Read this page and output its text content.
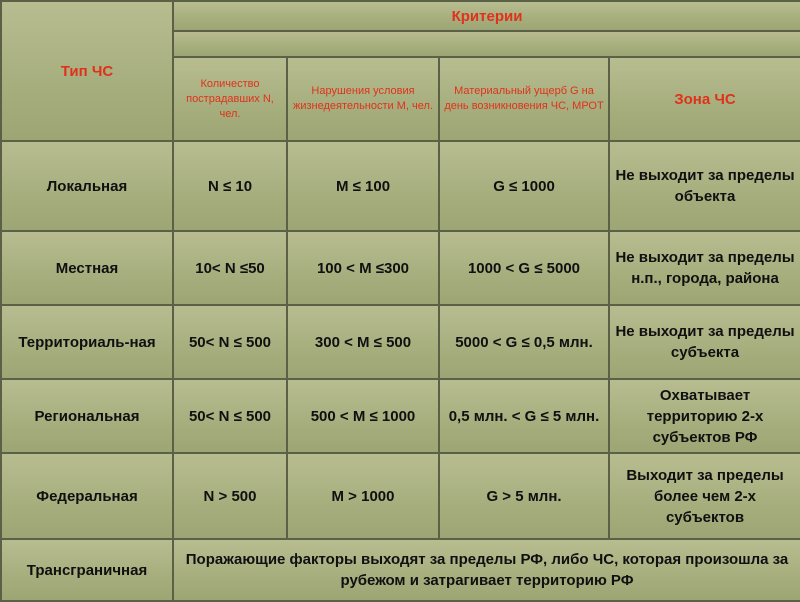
Тип ЧС	Критерии			

	Количество пострадавших N, чел.	Нарушения условия жизнедеятельности M, чел.	Материальный ущерб G на день возникновения ЧС, МРОТ	Зона ЧС
Локальная	N ≤ 10	M ≤ 100	G ≤ 1000	Не выходит за пределы объекта
Местная	10< N ≤50	100 < M ≤300	1000 < G ≤ 5000	Не выходит за пределы н.п., города, района
Территориаль-ная	50< N ≤ 500	300 < M ≤ 500	5000 < G ≤ 0,5 млн.	Не выходит за пределы субъекта
Региональная	50< N ≤ 500	500 < M ≤ 1000	0,5 млн. < G ≤ 5 млн.	Охватывает территорию 2-х субъектов РФ
Федеральная	N > 500	M > 1000	G > 5 млн.	Выходит за пределы более чем 2-х субъектов
Трансграничная	Поражающие факторы выходят за пределы РФ, либо ЧС, которая произошла за рубежом и затрагивает территорию РФ			
